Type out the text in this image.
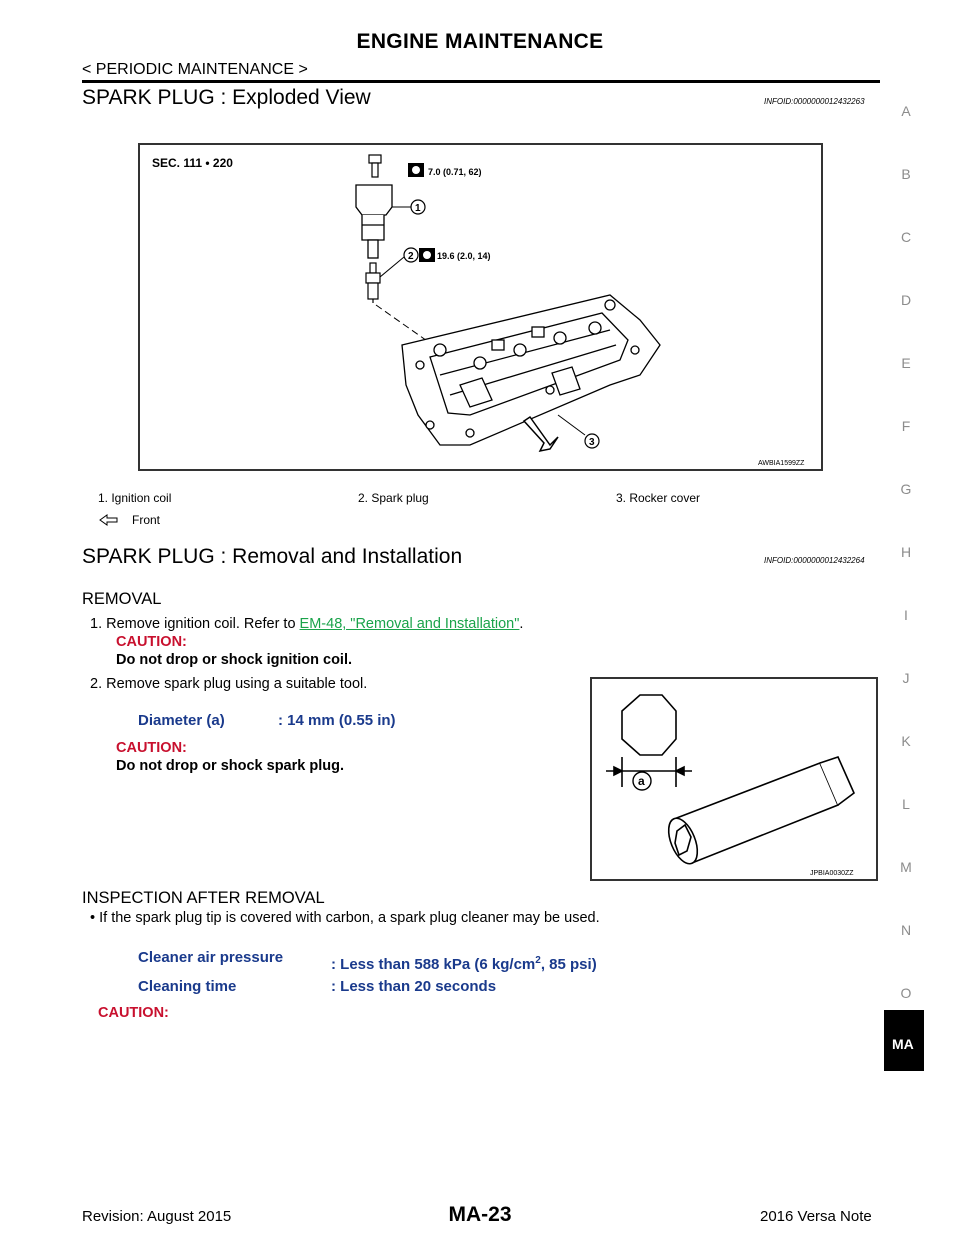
ENGINE MAINTENANCE
< PERIODIC MAINTENANCE >
A
B
C
D
E
F
G
H
I
J
K
L
M
N
O
MA
SPARK PLUG : Exploded View	INFOID:0000000012432263
SEC. 111 • 220
7.0 (0.71, 62)
1
2	19.6 (2.0, 14)
3
AWBIA1599ZZ
1. Ignition coil	2. Spark plug	3. Rocker cover
Front
SPARK PLUG : Removal and Installation	INFOID:0000000012432264
REMOVAL
1. Remove ignition coil. Refer to EM-48, "Removal and Installation".
CAUTION:
Do not drop or shock ignition coil.
2. Remove spark plug using a suitable tool.
Diameter (a)	: 14 mm (0.55 in)
CAUTION:
Do not drop or shock spark plug.
a
JPBIA0030ZZ
INSPECTION AFTER REMOVAL
• If the spark plug tip is covered with carbon, a spark plug cleaner may be used.
Cleaner air pressure	: Less than 588 kPa (6 $kg/cm^2$, 85 psi)
Cleaning time	: Less than 20 seconds
CAUTION:
Revision: August 2015	MA-23	2016 Versa Note
